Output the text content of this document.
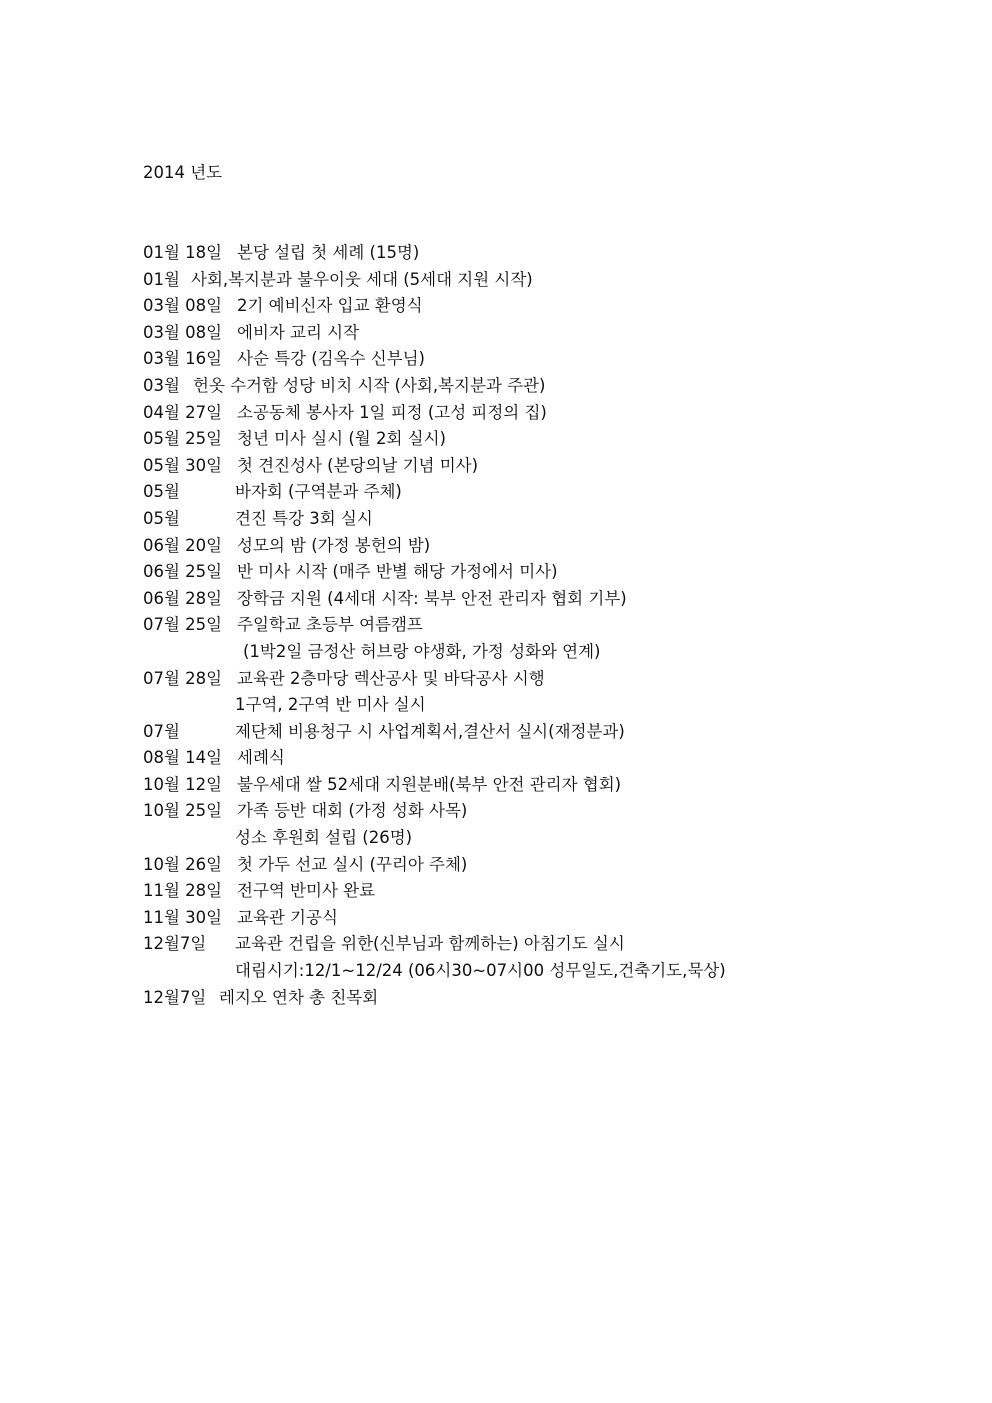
2014 년도
01월 18일 본당 설립 첫 세례 (15명)
01월 사회,복지분과 불우이웃 세대 (5세대 지원 시작)
03월 08일 2기 예비신자 입교 환영식
03월 08일 에비자 교리 시작
03월 16일 사순 특강 (김옥수 신부님)
03월 헌옷 수거함 성당 비치 시작 (사회,복지분과 주관)
04월 27일 소공동체 봉사자 1일 피정 (고성 피정의 집)
05월 25일 청년 미사 실시 (월 2회 실시)
05월 30일 첫 견진성사 (본당의날 기념 미사)
05월	바자회 (구역분과 주체)
05월	견진 특강 3회 실시
06월 20일 성모의 밤 (가정 봉헌의 밤)
06월 25일 반 미사 시작 (매주 반별 해당 가정에서 미사)
06월 28일 장학금 지원 (4세대 시작: 북부 안전 관리자 협회 기부)
07월 25일 주일학교 초등부 여름캠프
(1박2일 금정산 허브랑 야생화, 가정 성화와 연계)
07월 28일 교육관 2층마당 렉산공사 및 바닥공사 시행
1구역, 2구역 반 미사 실시
07월	제단체 비용청구 시 사업계획서,결산서 실시(재정분과)
08월 14일 세례식
10월 12일 불우세대 쌀 52세대 지원분배(북부 안전 관리자 협회)
10월 25일 가족 등반 대회 (가정 성화 사목)
성소 후원회 설립 (26명)
10월 26일 첫 가두 선교 실시 (꾸리아 주체)
11월 28일 전구역 반미사 완료
11월 30일 교육관 기공식
12월7일 교육관 건립을 위한(신부님과 함께하는) 아침기도 실시
대림시기:12/1~12/24 (06시30~07시00 성무일도,건축기도,묵상)
12월7일 레지오 연차 총 친목회
